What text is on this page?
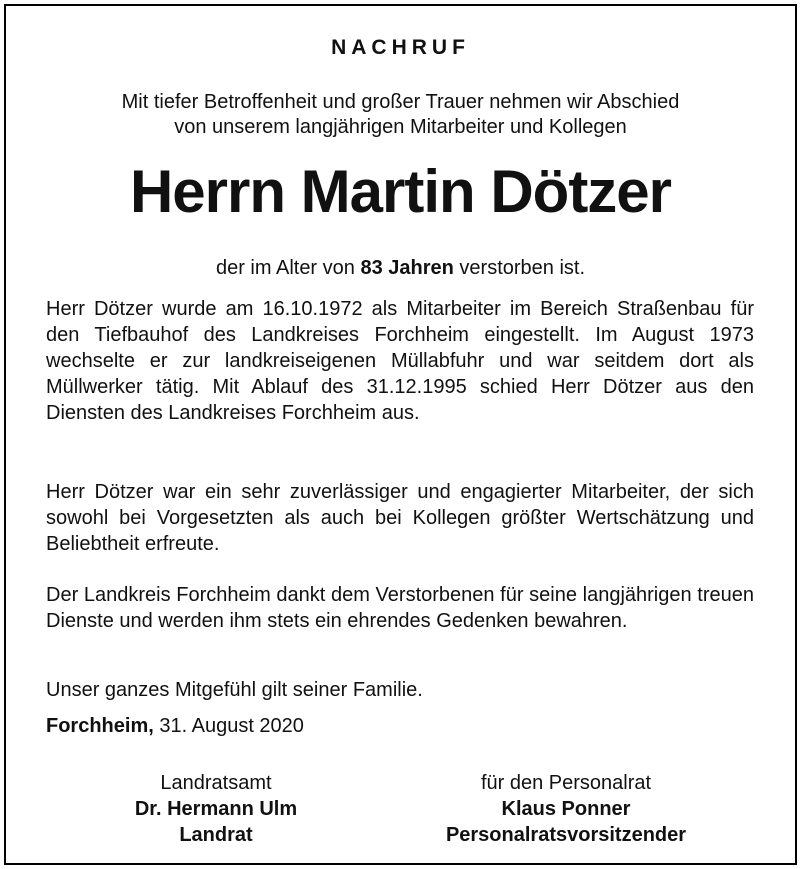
NACHRUF
Mit tiefer Betroffenheit und großer Trauer nehmen wir Abschied
von unserem langjährigen Mitarbeiter und Kollegen
Herrn Martin Dötzer
der im Alter von 83 Jahren verstorben ist.
Herr Dötzer wurde am 16.10.1972 als Mitarbeiter im Bereich Straßenbau für den Tiefbauhof des Landkreises Forchheim eingestellt. Im August 1973 wechselte er zur landkreiseigenen Müllabfuhr und war seitdem dort als Müllwerker tätig. Mit Ablauf des 31.12.1995 schied Herr Dötzer aus den Diensten des Landkreises Forchheim aus.
Herr Dötzer war ein sehr zuverlässiger und engagierter Mitarbeiter, der sich sowohl bei Vorgesetzten als auch bei Kollegen größter Wertschätzung und Beliebtheit erfreute.
Der Landkreis Forchheim dankt dem Verstorbenen für seine langjährigen treuen Dienste und werden ihm stets ein ehrendes Gedenken bewahren.
Unser ganzes Mitgefühl gilt seiner Familie.
Forchheim, 31. August 2020
Landratsamt
Dr. Hermann Ulm
Landrat
für den Personalrat
Klaus Ponner
Personalratsvorsitzender
